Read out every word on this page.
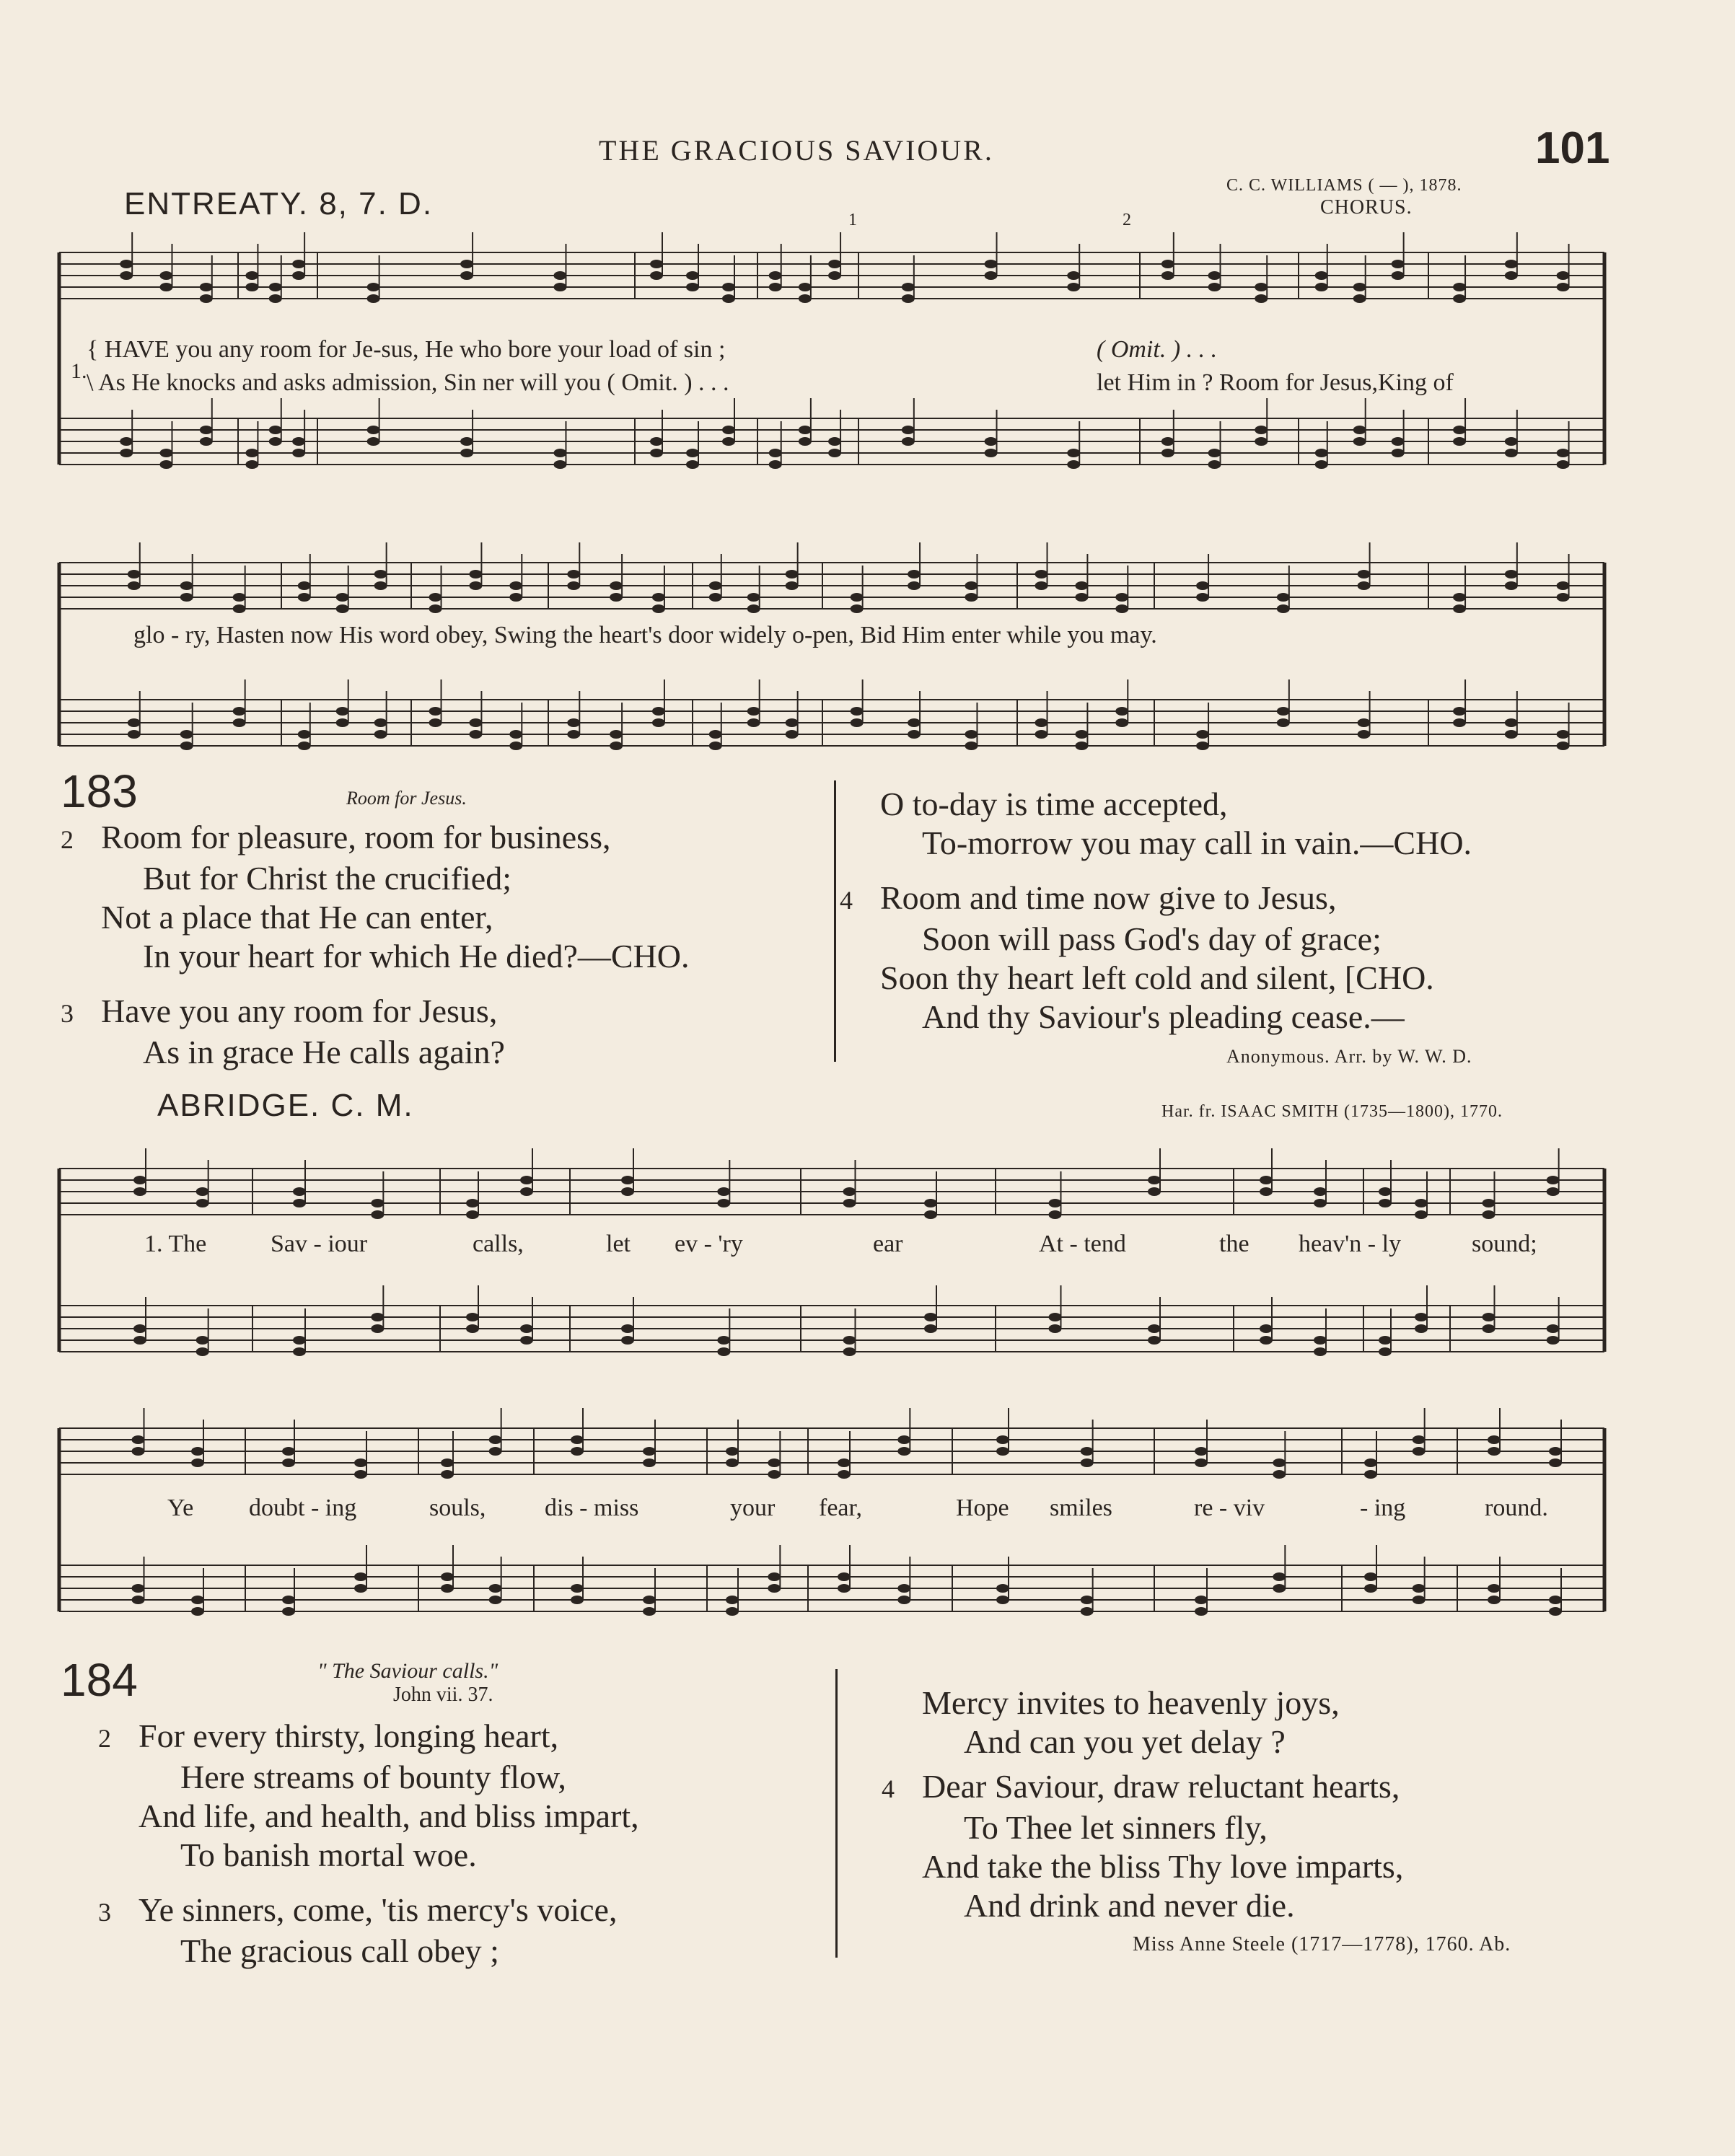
THE GRACIOUS SAVIOUR.	101
ENTREATY. 8, 7. D.
C. C. WILLIAMS ( — ), 1878.
CHORUS.
1	2
1.
{ HAVE you any room for Je-sus, He who bore your load of sin ;	( Omit. ) . . .
\ As He knocks and asks admission, Sin ner will you ( Omit. ) . . .	let Him in ? Room for Jesus,King of
glo - ry, Hasten now His word obey, Swing the heart's door widely o-pen, Bid Him enter while you may.
183	Room for Jesus.
2 Room for pleasure, room for business,
But for Christ the crucified;
Not a place that He can enter,
In your heart for which He died?—CHO.
3 Have you any room for Jesus,
As in grace He calls again?
O to-day is time accepted,
To-morrow you may call in vain.—CHO.
4 Room and time now give to Jesus,
Soon will pass God's day of grace;
Soon thy heart left cold and silent, [CHO.
And thy Saviour's pleading cease.—
Anonymous. Arr. by W. W. D.
ABRIDGE. C. M.	Har. fr. ISAAC SMITH (1735—1800), 1770.
1. The	Sav - iour	calls,	let ev - 'ry	ear	At - tend	the heav'n - ly	sound;
Ye doubt - ing	souls, dis - miss	your fear,	Hope smiles	re - viv	- ing	round.
184	" The Saviour calls."
John vii. 37.
2 For every thirsty, longing heart,
Here streams of bounty flow,
And life, and health, and bliss impart,
To banish mortal woe.
3 Ye sinners, come, 'tis mercy's voice,
The gracious call obey ;
Mercy invites to heavenly joys,
And can you yet delay ?
4 Dear Saviour, draw reluctant hearts,
To Thee let sinners fly,
And take the bliss Thy love imparts,
And drink and never die.
Miss Anne Steele (1717—1778), 1760. Ab.
